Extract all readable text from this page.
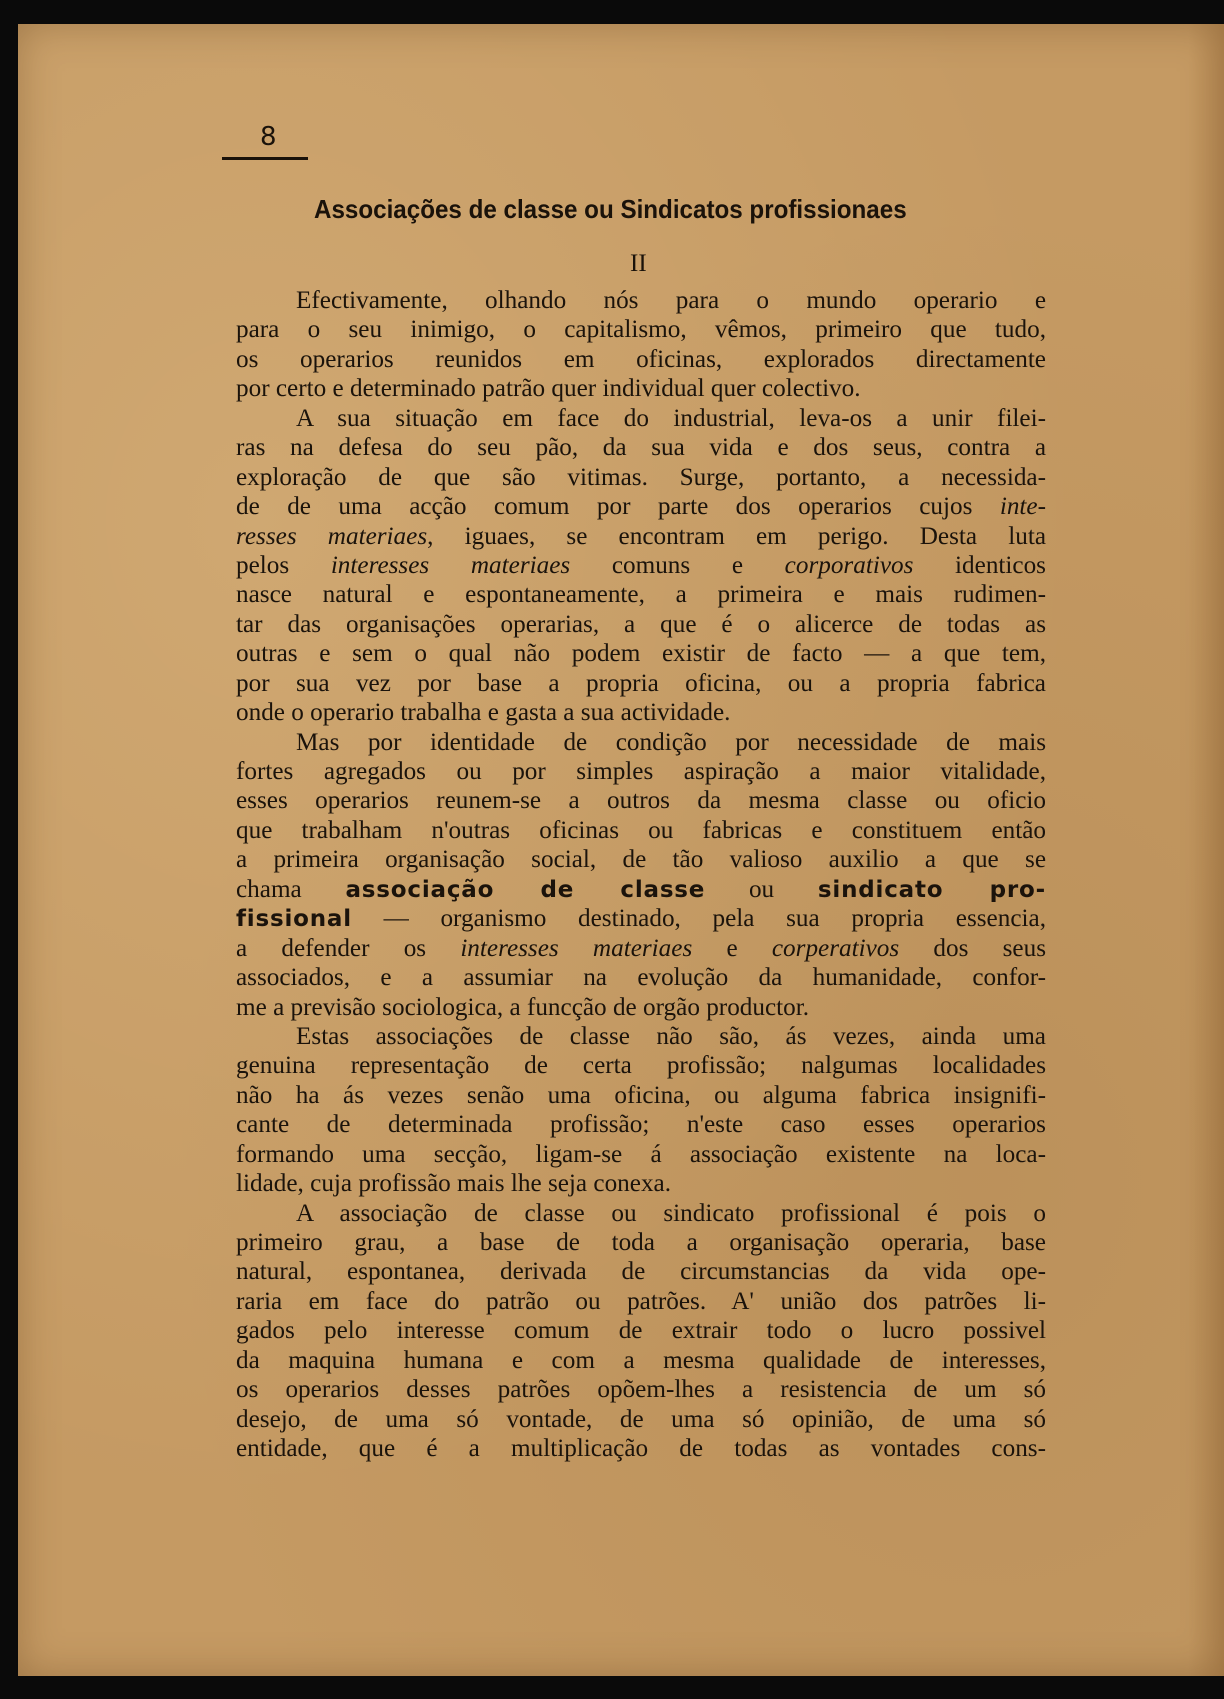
8
Associações de classe ou Sindicatos profissionaes
II
Efectivamente, olhando nós para o mundo operario e
para o seu inimigo, o capitalismo, vêmos, primeiro que tudo,
os operarios reunidos em oficinas, explorados directamente
por certo e determinado patrão quer individual quer colectivo.
A sua situação em face do industrial, leva-os a unir filei-
ras na defesa do seu pão, da sua vida e dos seus, contra a
exploração de que são vitimas. Surge, portanto, a necessida-
de de uma acção comum por parte dos operarios cujos inte-
resses materiaes, iguaes, se encontram em perigo. Desta luta
pelos interesses materiaes comuns e corporativos identicos
nasce natural e espontaneamente, a primeira e mais rudimen-
tar das organisações operarias, a que é o alicerce de todas as
outras e sem o qual não podem existir de facto — a que tem,
por sua vez por base a propria oficina, ou a propria fabrica
onde o operario trabalha e gasta a sua actividade.
Mas por identidade de condição por necessidade de mais
fortes agregados ou por simples aspiração a maior vitalidade,
esses operarios reunem-se a outros da mesma classe ou oficio
que trabalham n'outras oficinas ou fabricas e constituem então
a primeira organisação social, de tão valioso auxilio a que se
chama associação de classe ou sindicato pro-
fissional — organismo destinado, pela sua propria essencia,
a defender os interesses materiaes e corperativos dos seus
associados, e a assumiar na evolução da humanidade, confor-
me a previsão sociologica, a funcção de orgão productor.
Estas associações de classe não são, ás vezes, ainda uma
genuina representação de certa profissão; nalgumas localidades
não ha ás vezes senão uma oficina, ou alguma fabrica insignifi-
cante de determinada profissão; n'este caso esses operarios
formando uma secção, ligam-se á associação existente na loca-
lidade, cuja profissão mais lhe seja conexa.
A associação de classe ou sindicato profissional é pois o
primeiro grau, a base de toda a organisação operaria, base
natural, espontanea, derivada de circumstancias da vida ope-
raria em face do patrão ou patrões. A' união dos patrões li-
gados pelo interesse comum de extrair todo o lucro possivel
da maquina humana e com a mesma qualidade de interesses,
os operarios desses patrões opõem-lhes a resistencia de um só
desejo, de uma só vontade, de uma só opinião, de uma só
entidade, que é a multiplicação de todas as vontades cons-
